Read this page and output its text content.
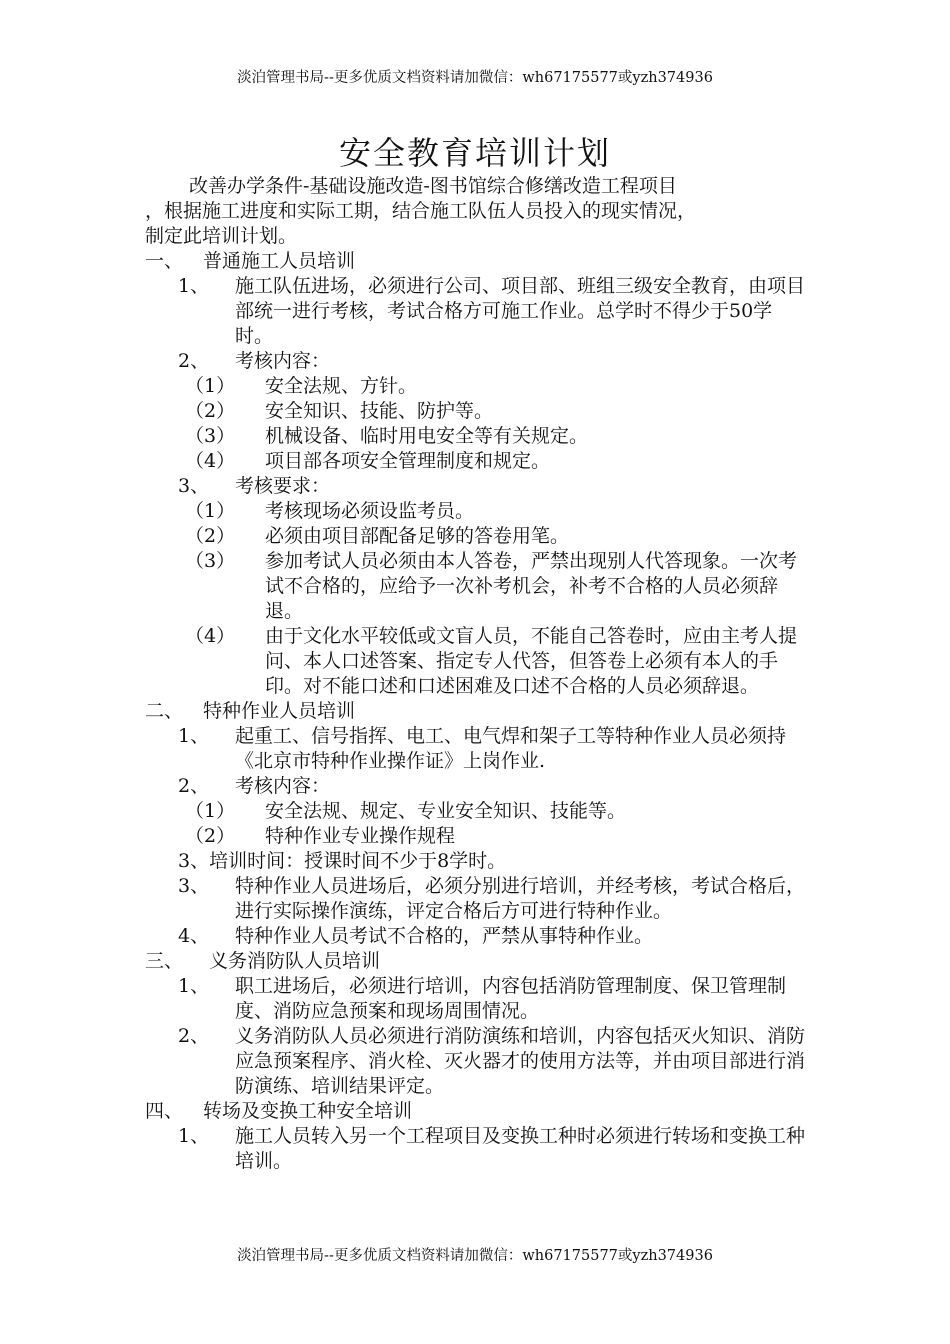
淡泊管理书局--更多优质文档资料请加微信：wh67175577或yzh374936
安全教育培训计划
改善办学条件-基础设施改造-图书馆综合修缮改造工程项目
，根据施工进度和实际工期，结合施工队伍人员投入的现实情况，
制定此培训计划。
一、 普通施工人员培训
1、 施工队伍进场，必须进行公司、项目部、班组三级安全教育，由项目部统一进行考核，考试合格方可施工作业。总学时不得少于50学时。
2、 考核内容：
（1） 安全法规、方针。
（2） 安全知识、技能、防护等。
（3） 机械设备、临时用电安全等有关规定。
（4） 项目部各项安全管理制度和规定。
3、 考核要求：
（1） 考核现场必须设监考员。
（2） 必须由项目部配备足够的答卷用笔。
（3） 参加考试人员必须由本人答卷，严禁出现别人代答现象。一次考试不合格的，应给予一次补考机会，补考不合格的人员必须辞退。
（4） 由于文化水平较低或文盲人员，不能自己答卷时，应由主考人提问、本人口述答案、指定专人代答，但答卷上必须有本人的手印。对不能口述和口述困难及口述不合格的人员必须辞退。
二、 特种作业人员培训
1、 起重工、信号指挥、电工、电气焊和架子工等特种作业人员必须持《北京市特种作业操作证》上岗作业.
2、 考核内容：
（1） 安全法规、规定、专业安全知识、技能等。
（2） 特种作业专业操作规程
3、培训时间：授课时间不少于8学时。
3、 特种作业人员进场后，必须分别进行培训，并经考核，考试合格后，进行实际操作演练，评定合格后方可进行特种作业。
4、 特种作业人员考试不合格的，严禁从事特种作业。
三、 义务消防队人员培训
1、 职工进场后，必须进行培训，内容包括消防管理制度、保卫管理制度、消防应急预案和现场周围情况。
2、 义务消防队人员必须进行消防演练和培训，内容包括灭火知识、消防应急预案程序、消火栓、灭火器才的使用方法等，并由项目部进行消防演练、培训结果评定。
四、 转场及变换工种安全培训
1、 施工人员转入另一个工程项目及变换工种时必须进行转场和变换工种培训。
淡泊管理书局--更多优质文档资料请加微信：wh67175577或yzh374936
